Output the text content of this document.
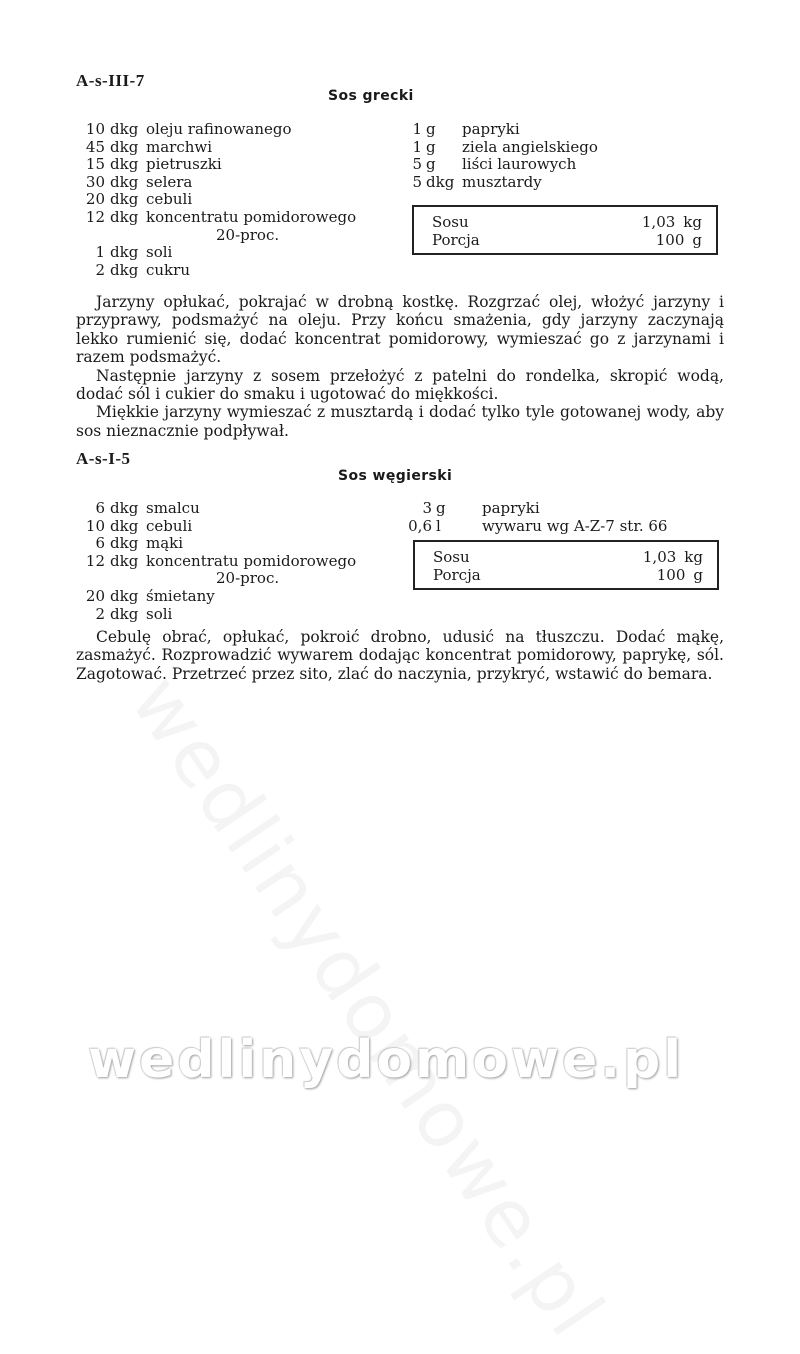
A-s-III-7
Sos grecki
10 dkg oleju rafinowanego
45 dkg marchwi
15 dkg pietruszki
30 dkg selera
20 dkg cebuli
12 dkg koncentratu pomidorowego
20-proc.
1 dkg soli
2 dkg cukru
1 g	papryki
1 g	ziela angielskiego
5 g	liści laurowych
5 dkg musztardy
Sosu	1,03 kg
Porcja	100 g

Jarzyny opłukać, pokrajać w drobną kostkę. Rozgrzać olej, włożyć jarzyny i przyprawy, podsmażyć na oleju. Przy końcu smażenia, gdy jarzyny zaczynają lekko rumienić się, dodać koncentrat pomidorowy, wymieszać go z jarzynami i razem podsmażyć.

Następnie jarzyny z sosem przełożyć z patelni do rondelka, skropić wodą, dodać sól i cukier do smaku i ugotować do miękkości.

Miękkie jarzyny wymieszać z musztardą i dodać tylko tyle gotowanej wody, aby sos nieznacznie podpływał.

A-s-I-5
Sos węgierski
6 dkg smalcu
10 dkg cebuli
6 dkg mąki
12 dkg koncentratu pomidorowego
20-proc.
20 dkg śmietany
2 dkg soli
3 g	papryki
0,6 l	wywaru wg A-Z-7 str. 66
Sosu	1,03 kg
Porcja	100 g

Cebulę obrać, opłukać, pokroić drobno, udusić na tłuszczu. Dodać mąkę, zasmażyć. Rozprowadzić wywarem dodając koncentrat pomidorowy, paprykę, sól. Zagotować. Przetrzeć przez sito, zlać do naczynia, przykryć, wstawić do bemara.

wedlinydomowe.pl
